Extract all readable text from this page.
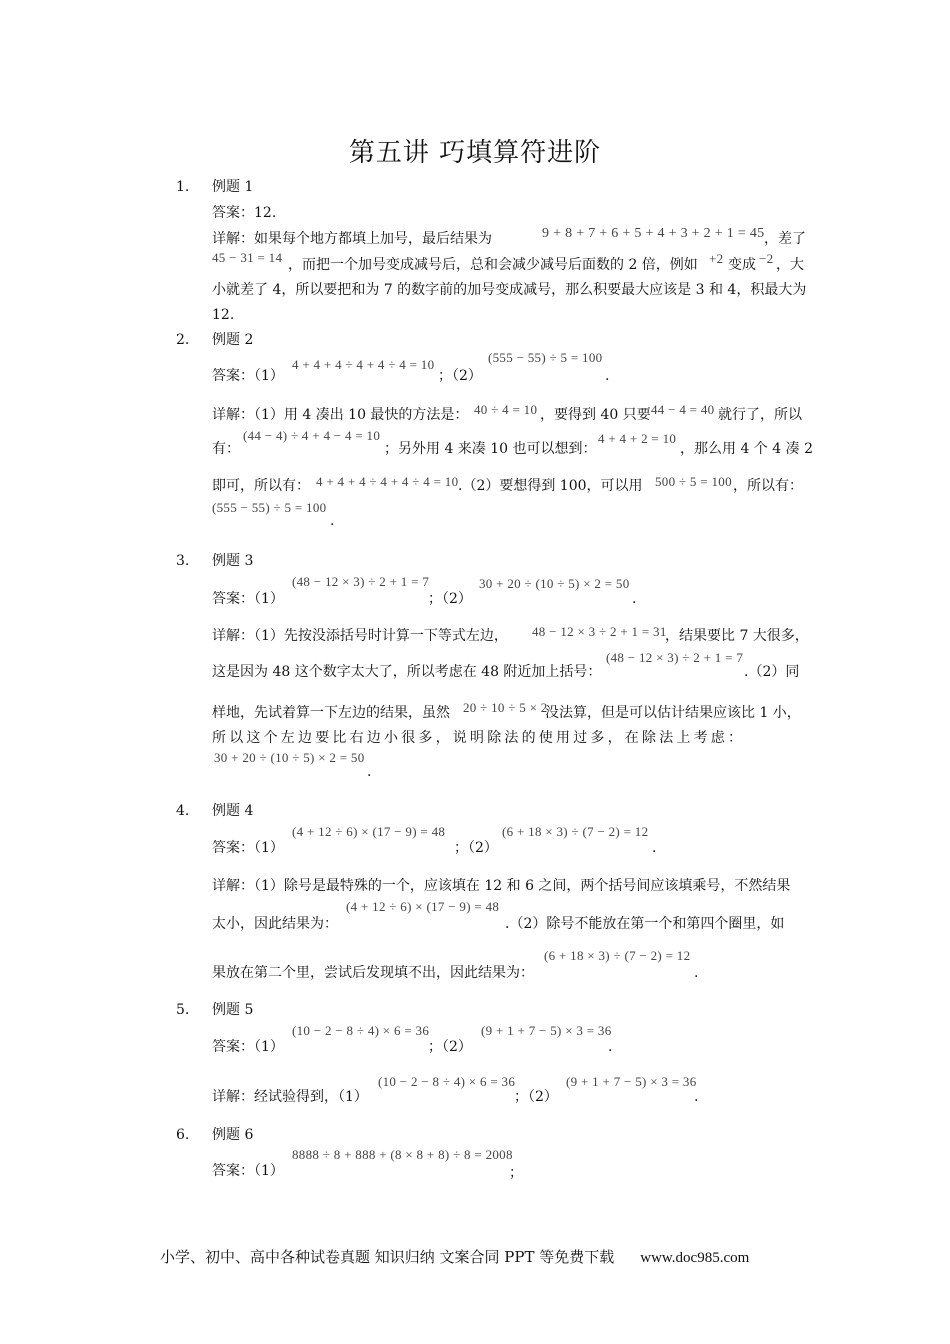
第五讲 巧填算符进阶
1. 例题 1
答案：12.
详解：如果每个地方都填上加号，最后结果为	9 + 8 + 7 + 6 + 5 + 4 + 3 + 2 + 1 = 45 ，差了
45 − 31 = 14 ，而把一个加号变成减号后，总和会减少减号后面数的 2 倍，例如 +2 变成 −2 ，大
小就差了 4，所以要把和为 7 的数字前的加号变成减号，那么积要最大应该是 3 和 4，积最大为
12.
2. 例题 2
答案：（1）
4 + 4 + 4 ÷ 4 + 4 ÷ 4 = 10
；（2）
(555 − 55) ÷ 5 = 100
.
详解：（1）用 4 凑出 10 最快的方法是： 40 ÷ 4 = 10 ，要得到 40 只要 44 − 4 = 40 就行了，所以
有：
(44 − 4) ÷ 4 + 4 − 4 = 10
；另外用 4 来凑 10 也可以想到：
4 + 4 + 2 = 10
，那么用 4 个 4 凑 2
即可，所以有： 4 + 4 + 4 ÷ 4 + 4 ÷ 4 = 10 .（2）要想得到 100，可以用 500 ÷ 5 = 100 ，所以有：
(555 − 55) ÷ 5 = 100
.
3. 例题 3
答案：（1）
(48 − 12 × 3) ÷ 2 + 1 = 7
；（2）
30 + 20 ÷ (10 ÷ 5) × 2 = 50
.
详解：（1）先按没添括号时计算一下等式左边， 48 − 12 × 3 ÷ 2 + 1 = 31
，结果要比 7 大很多，
这是因为 48 这个数字太大了，所以考虑在 48 附近加上括号：
(48 − 12 × 3) ÷ 2 + 1 = 7
.（2）同
样地，先试着算一下左边的结果，虽然 20 ÷ 10 ÷ 5 × 2
没法算，但是可以估计结果应该比 1 小，
所以这个左边要比右边小很多，说明除法的使用过多，在除法上考虑：
30 + 20 ÷ (10 ÷ 5) × 2 = 50
.
4. 例题 4
答案：（1）
(4 + 12 ÷ 6) × (17 − 9) = 48
；（2）
(6 + 18 × 3) ÷ (7 − 2) = 12
.
详解：（1）除号是最特殊的一个，应该填在 12 和 6 之间，两个括号间应该填乘号，不然结果
太小，因此结果为：
(4 + 12 ÷ 6) × (17 − 9) = 48
.（2）除号不能放在第一个和第四个圈里，如
果放在第二个里，尝试后发现填不出，因此结果为：
(6 + 18 × 3) ÷ (7 − 2) = 12
.
5. 例题 5
答案：（1）
(10 − 2 − 8 ÷ 4) × 6 = 36
；（2）
(9 + 1 + 7 − 5) × 3 = 36
.
详解：经试验得到，（1）
(10 − 2 − 8 ÷ 4) × 6 = 36
；（2）
(9 + 1 + 7 − 5) × 3 = 36
.
6. 例题 6
答案：（1）
8888 ÷ 8 + 888 + (8 × 8 + 8) ÷ 8 = 2008
；
小学、初中、高中各种试卷真题 知识归纳 文案合同 PPT 等免费下载 www.doc985.com
